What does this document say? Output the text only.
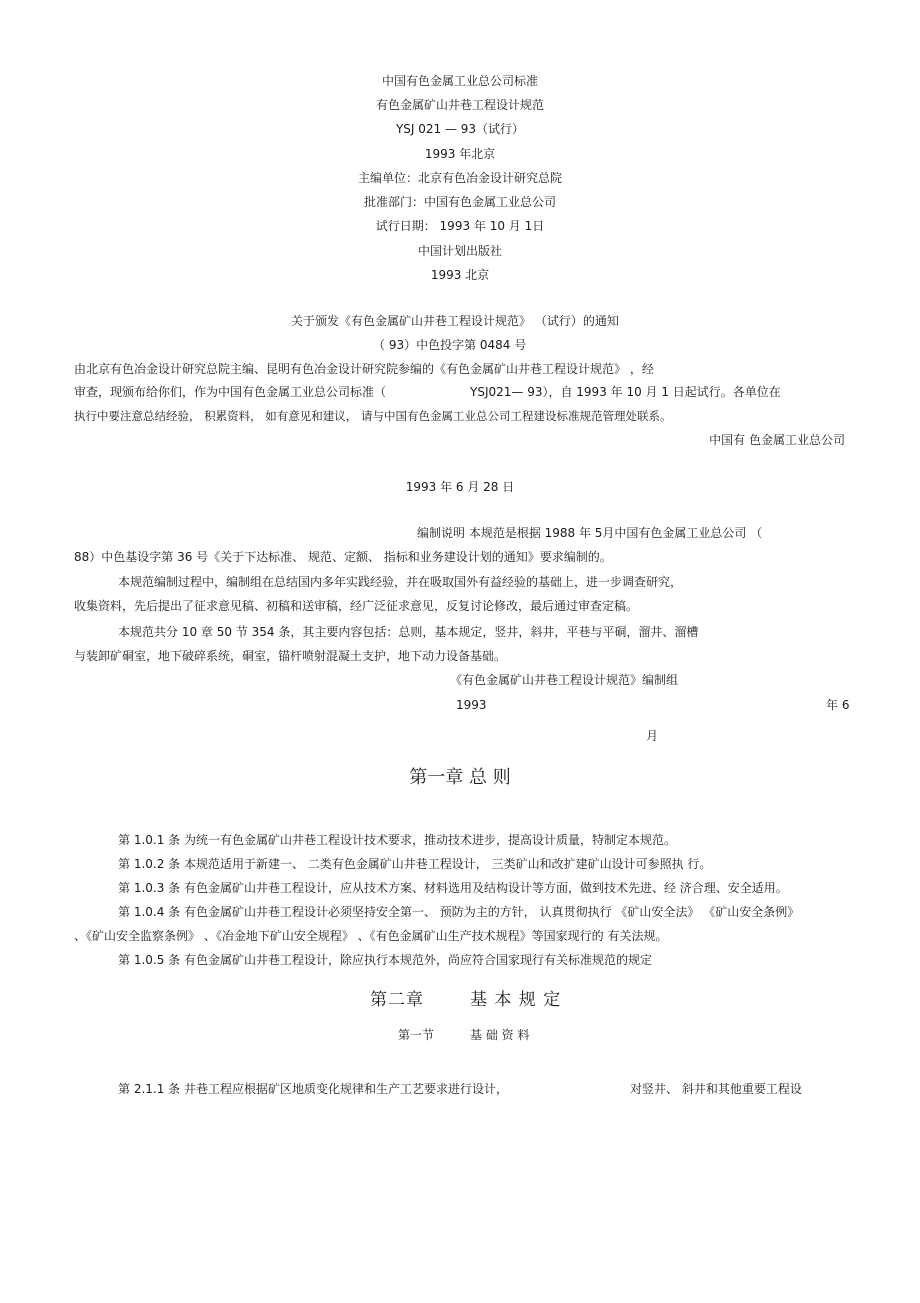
中国有色金属工业总公司标准
有色金属矿山井巷工程设计规范
YSJ 021 — 93（试行）
1993 年北京
主编单位：北京有色冶金设计研究总院
批准部门：中国有色金属工业总公司
试行日期： 1993 年 10 月 1日
中国计划出版社
1993 北京
关于颁发《有色金属矿山井巷工程设计规范》 （试行）的通知
（ 93）中色投字第 0484 号
由北京有色冶金设计研究总院主编、昆明有色冶金设计研究院参编的《有色金属矿山井巷工程设计规范》 ，经
审查，现颁布给你们，作为中国有色金属工业总公司标准（	YSJ021— 93），自 1993 年 10 月 1 日起试行。各单位在
执行中要注意总结经验， 积累资料， 如有意见和建议， 请与中国有色金属工业总公司工程建设标准规范管理处联系。
中国有 色金属工业总公司
1993 年 6 月 28 日
编制说明 本规范是根据 1988 年 5月中国有色金属工业总公司 （
88）中色基设字第 36 号《关于下达标准、 规范、定额、 指标和业务建设计划的通知》要求编制的。
本规范编制过程中，编制组在总结国内多年实践经验，并在吸取国外有益经验的基础上，进一步调查研究，
收集资料，先后提出了征求意见稿、初稿和送审稿，经广泛征求意见，反复讨论修改，最后通过审查定稿。
本规范共分 10 章 50 节 354 条，其主要内容包括：总则，基本规定，竖井，斜井，平巷与平硐，溜井、溜槽
与装卸矿硐室，地下破碎系统，硐室，锚杆喷射混凝土支护，地下动力设备基础。
《有色金属矿山井巷工程设计规范》编制组
1993	年 6
月
第一章 总 则
第 1.0.1 条 为统一有色金属矿山井巷工程设计技术要求，推动技术进步，提高设计质量，特制定本规范。
第 1.0.2 条 本规范适用于新建一、 二类有色金属矿山井巷工程设计， 三类矿山和改扩建矿山设计可参照执 行。
第 1.0.3 条 有色金属矿山井巷工程设计，应从技术方案、材料选用及结构设计等方面，做到技术先进、经 济合理、安全适用。
第 1.0.4 条 有色金属矿山井巷工程设计必须坚持安全第一、 预防为主的方针， 认真贯彻执行 《矿山安全法》 《矿山安全条例》
、《矿山安全监察条例》 、《冶金地下矿山安全规程》 、《有色金属矿山生产技术规程》等国家现行的 有关法规。
第 1.0.5 条 有色金属矿山井巷工程设计，除应执行本规范外，尚应符合国家现行有关标准规范的规定
第二章	基 本 规 定
第一节	基 础 资 料
第 2.1.1 条 井巷工程应根据矿区地质变化规律和生产工艺要求进行设计，	对竖井、 斜井和其他重要工程设
